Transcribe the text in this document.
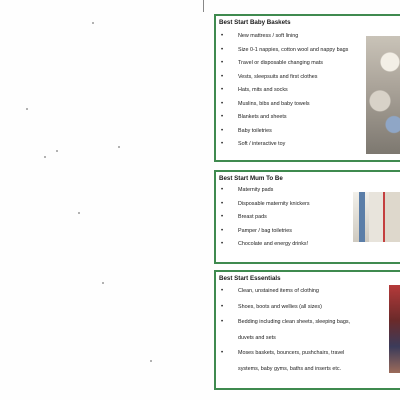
Best Start Baby Baskets
•	New mattress / soft lining
•	Size 0-1 nappies, cotton wool and nappy bags
•	Travel or disposable changing mats
•	Vests, sleepsuits and first clothes
•	Hats, mits and socks
•	Muslins, bibs and baby towels
•	Blankets and sheets
•	Baby toiletries
•	Soft / interactive toy
Best Start Mum To Be
•	Maternity pads
•	Disposable maternity knickers
•	Breast pads
•	Pamper / bag toiletries
•	Chocolate and energy drinks!
Best Start Essentials
•	Clean, unstained items of clothing
•	Shoes, boots and wellies (all sizes)
•	Bedding including clean sheets, sleeping bags,
duvets and sets
•	Moses baskets, bouncers, pushchairs, travel
systems, baby gyms, baths and inserts etc.
